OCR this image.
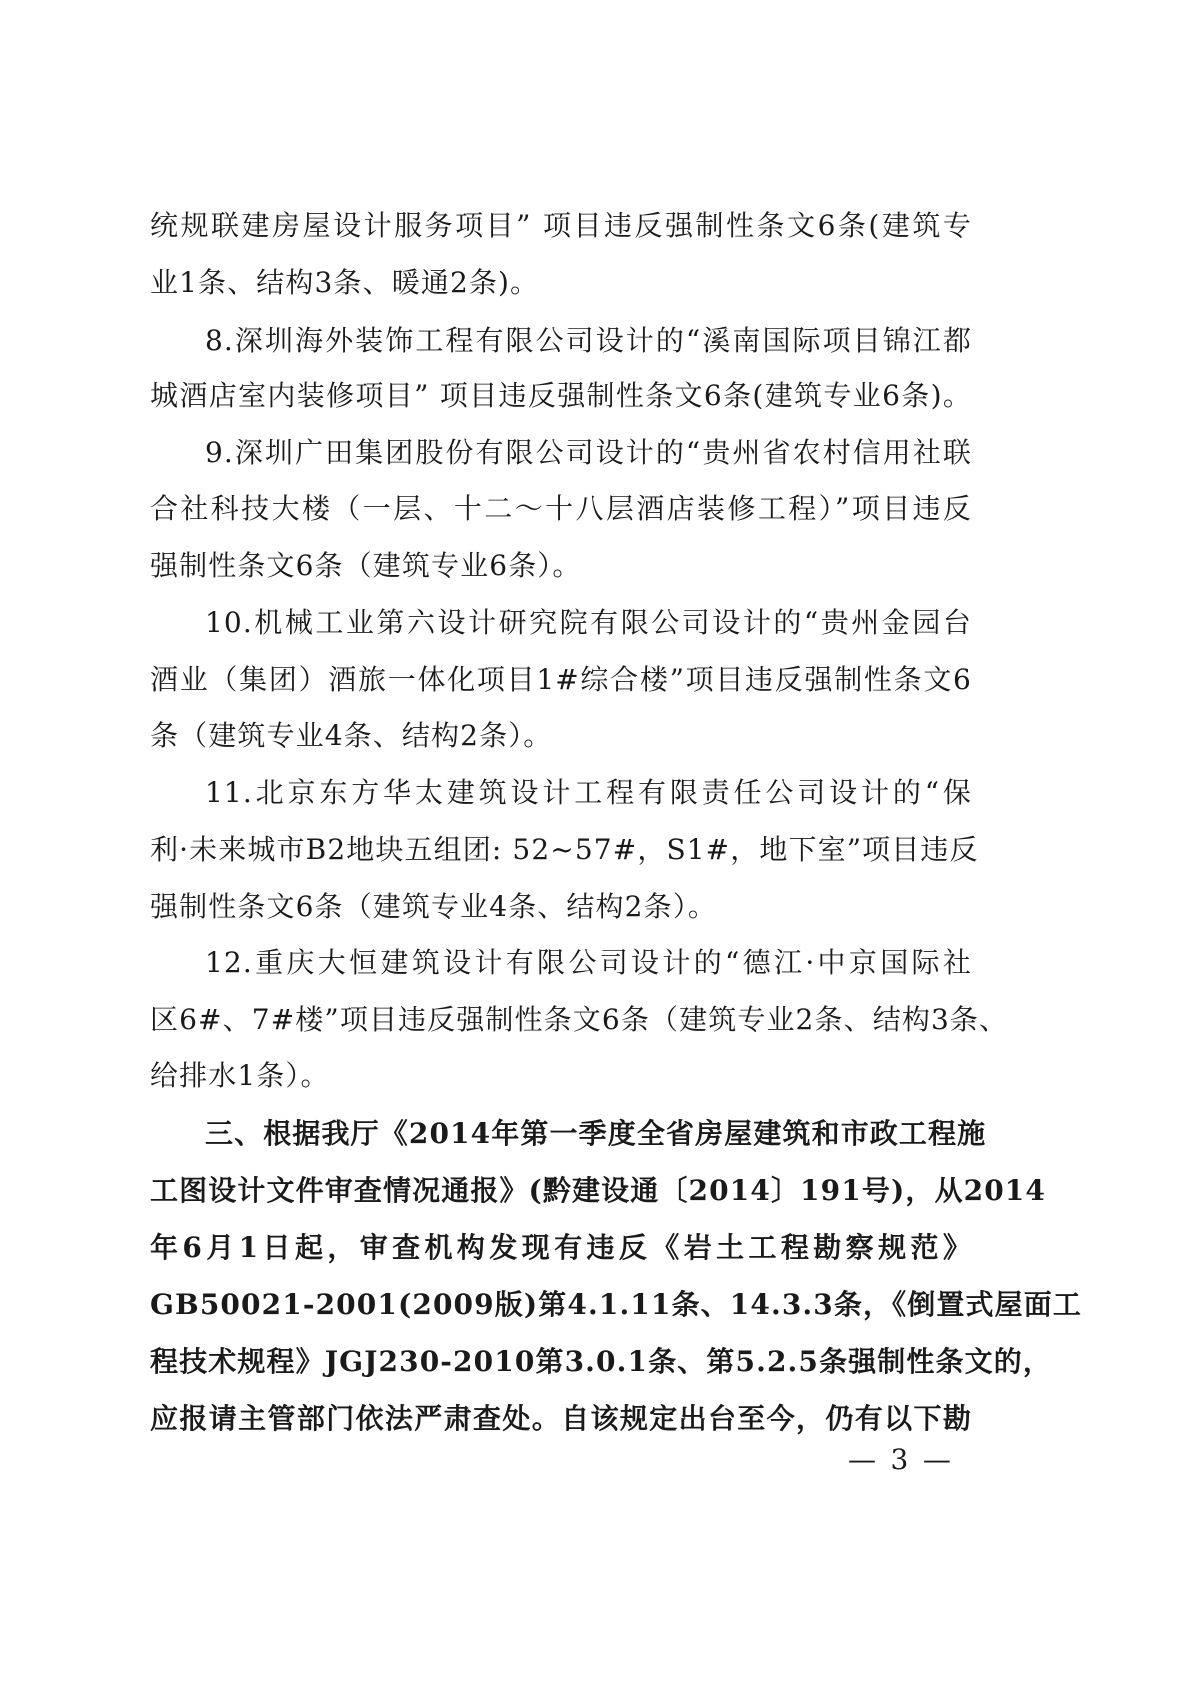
统规联建房屋设计服务项目” 项目违反强制性条文6条(建筑专
业1条、结构3条、暖通2条)。
8.深圳海外装饰工程有限公司设计的“溪南国际项目锦江都
城酒店室内装修项目” 项目违反强制性条文6条(建筑专业6条)。
9.深圳广田集团股份有限公司设计的“贵州省农村信用社联
合社科技大楼（一层、十二～十八层酒店装修工程）”项目违反
强制性条文6条（建筑专业6条）。
10.机械工业第六设计研究院有限公司设计的“贵州金园台
酒业（集团）酒旅一体化项目1#综合楼”项目违反强制性条文6
条（建筑专业4条、结构2条）。
11.北京东方华太建筑设计工程有限责任公司设计的“保
利·未来城市B2地块五组团: 52~57#，S1#，地下室”项目违反
强制性条文6条（建筑专业4条、结构2条）。
12.重庆大恒建筑设计有限公司设计的“德江·中京国际社
区6#、7#楼”项目违反强制性条文6条（建筑专业2条、结构3条、
给排水1条）。
三、根据我厅《2014年第一季度全省房屋建筑和市政工程施
工图设计文件审查情况通报》(黔建设通〔2014〕191号)，从2014
年6月1日起，审查机构发现有违反《岩土工程勘察规范》
GB50021-2001(2009版)第4.1.11条、14.3.3条，《倒置式屋面工
程技术规程》JGJ230-2010第3.0.1条、第5.2.5条强制性条文的，
应报请主管部门依法严肃查处。自该规定出台至今，仍有以下勘
— 3 —
